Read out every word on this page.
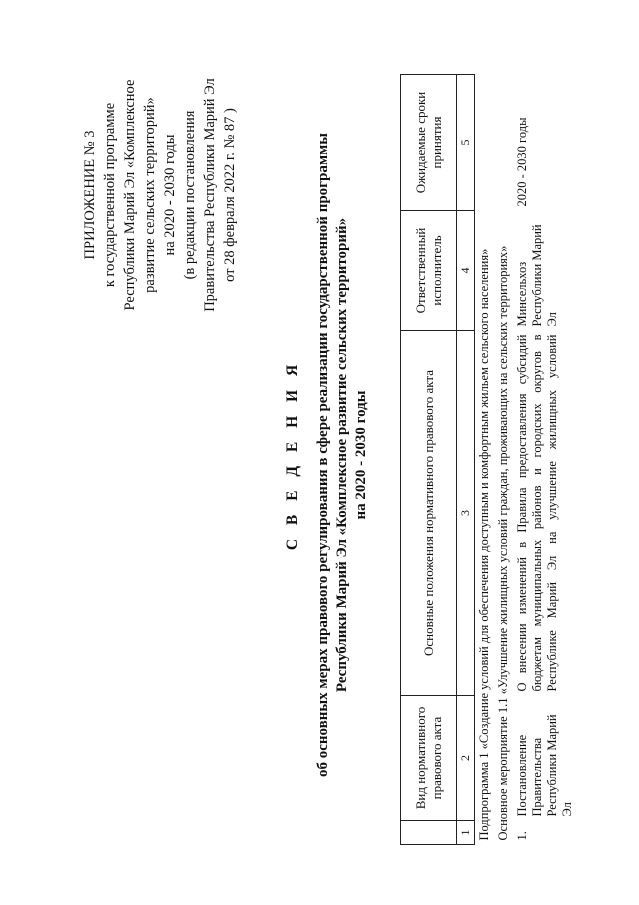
ПРИЛОЖЕНИЕ № 3 к государственной программе Республики Марий Эл «Комплексное развитие сельских территорий» на 2020 - 2030 годы (в редакции постановления Правительства Республики Марий Эл от 28 февраля 2022 г. № 87 )
С В Е Д Е Н И Я об основных мерах правового регулирования в сфере реализации государственной программы Республики Марий Эл «Комплексное развитие сельских территорий» на 2020 - 2030 годы
	Вид нормативного правового акта	Основные положения нормативного правового акта	Ответственный исполнитель	Ожидаемые сроки принятия
1	2	3	4	5
Подпрограмма 1 «Создание условий для обеспечения доступным и комфортным жильем сельского населения»				
Основное мероприятие 1.1 «Улучшение жилищных условий граждан, проживающих на сельских территориях»				
1.	Постановление Правительства Республики Марий Эл	О внесении изменений в Правила предоставления субсидий бюджетам муниципальных районов и городских округов в Республике Марий Эл на улучшение жилищных условий	Минсельхоз Республики Марий Эл	2020 - 2030 годы
